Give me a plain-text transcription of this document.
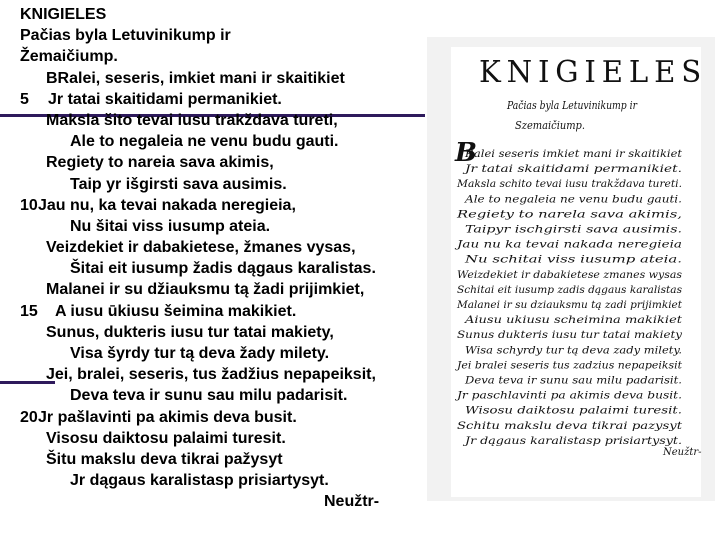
KNIGIELES
Pačias byla Letuvinikump ir
Žemaičiump.
BRalei, seseris, imkiet mani ir skaitikiet
5 Jr tatai skaitidami permanikiet.
Maksla šito tevai iusu trakždava tureti,
Ale to negaleia ne venu budu gauti.
Regiety to nareia sava akimis,
Taip yr išgirsti sava ausimis.
10 Jau nu, ka tevai nakada neregieia,
Nu šitai viss iusump ateia.
Veizdekiet ir dabakietese, žmanes vysas,
Šitai eit iusump žadis dągaus karalistas.
Malanei ir su džiauksmu tą žadi prijimkiet,
15 A iusu ūkiusu šeimina makikiet.
Sunus, dukteris iusu tur tatai makiety,
Visa šyrdy tur tą deva žady milety.
Jei, bralei, seseris, tus žadžius nepapeiksit,
Deva teva ir sunu sau milu padarisit.
20 Jr pašlavinti pa akimis deva busit.
Visosu daiktosu palaimi turesit.
Šitu makslu deva tikrai pažysyt
Jr dągaus karalistasp prisiartysyt.
Neužtr-
KNIGIELES
Pačias byla Letuvinikump ir
Szemaičiump.
Ralei seseris imkiet mani ir skaitikiet
Jr tatai skaitidami permanikiet.
Maksla schito tevai iusu trakždava tureti.
Ale to negaleia ne venu budu gauti.
Regiety to narela sava akimis,
Taipyr ischgirsti sava ausimis.
Jau nu ka tevai nakada neregieia
Nu schitai viss iusump ateia.
Weizdekiet ir dabakietese zmanes wysas
Schitai eit iusump zadis dągaus karalistas
Malanei ir su dziauksmu tą zadi prijimkiet
Aiusu ukiusu scheimina makikiet
Sunus dukteris iusu tur tatai makiety
Wisa schyrdy tur tą deva zady milety.
Jei bralei seseris tus zadzius nepapeiksit
Deva teva ir sunu sau milu padarisit.
Jr paschlavinti pa akimis deva busit.
Wisosu daiktosu palaimi turesit.
Schitu makslu deva tikrai pazysyt
Jr dągaus karalistasp prisiartysyt.
Neužtr-
B
